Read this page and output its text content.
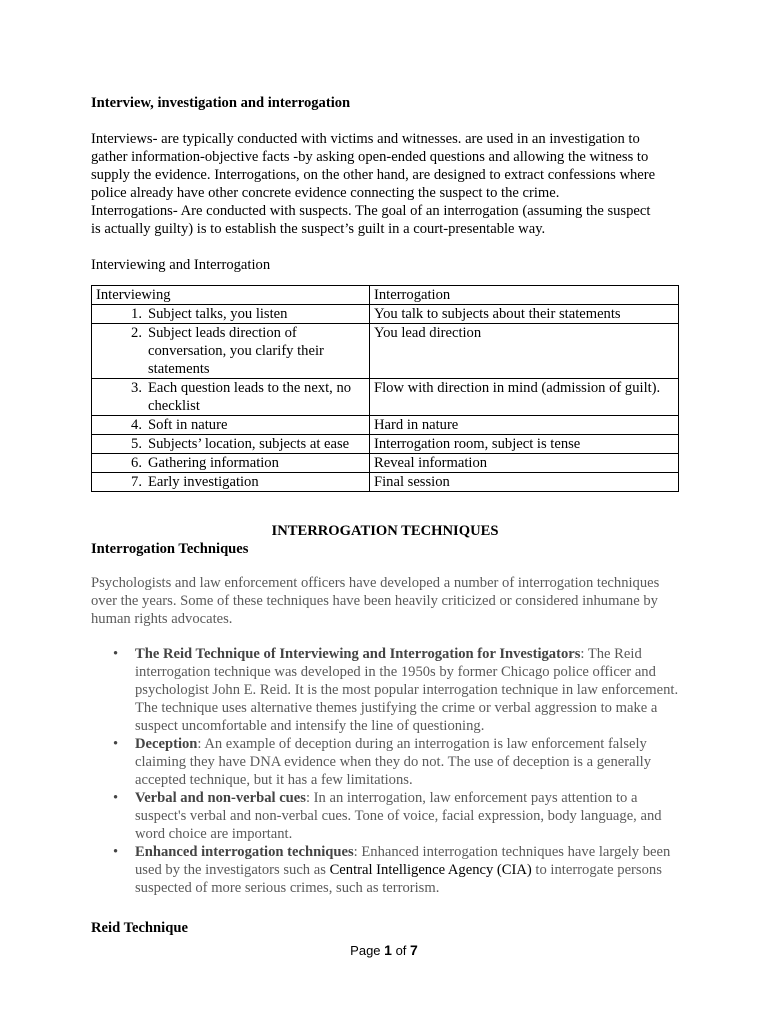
Interview, investigation and interrogation

Interviews- are typically conducted with victims and witnesses. are used in an investigation to

gather information-objective facts -by asking open-ended questions and allowing the witness to

supply the evidence. Interrogations, on the other hand, are designed to extract confessions where

police already have other concrete evidence connecting the suspect to the crime.

Interrogations- Are conducted with suspects. The goal of an interrogation (assuming the suspect

is actually guilty) is to establish the suspect’s guilt in a court-presentable way.

Interviewing and Interrogation

Interviewing	Interrogation

1. Subject talks, you listen	You talk to subjects about their statements

2. Subject leads direction of conversation, you clarify their statements	You lead direction

3. Each question leads to the next, no checklist	Flow with direction in mind (admission of guilt).

4. Soft in nature	Hard in nature

5. Subjects’ location, subjects at ease	Interrogation room, subject is tense

6. Gathering information	Reveal information

7. Early investigation	Final session

INTERROGATION TECHNIQUES

Interrogation Techniques

Psychologists and law enforcement officers have developed a number of interrogation techniques over the years. Some of these techniques have been heavily criticized or considered inhumane by human rights advocates.

• The Reid Technique of Interviewing and Interrogation for Investigators: The Reid interrogation technique was developed in the 1950s by former Chicago police officer and psychologist John E. Reid. It is the most popular interrogation technique in law enforcement. The technique uses alternative themes justifying the crime or verbal aggression to make a suspect uncomfortable and intensify the line of questioning.
• Deception: An example of deception during an interrogation is law enforcement falsely claiming they have DNA evidence when they do not. The use of deception is a generally accepted technique, but it has a few limitations.
• Verbal and non-verbal cues: In an interrogation, law enforcement pays attention to a suspect's verbal and non-verbal cues. Tone of voice, facial expression, body language, and word choice are important.
• Enhanced interrogation techniques: Enhanced interrogation techniques have largely been used by the investigators such as Central Intelligence Agency (CIA) to interrogate persons suspected of more serious crimes, such as terrorism.

Reid Technique

Page 1 of 7
